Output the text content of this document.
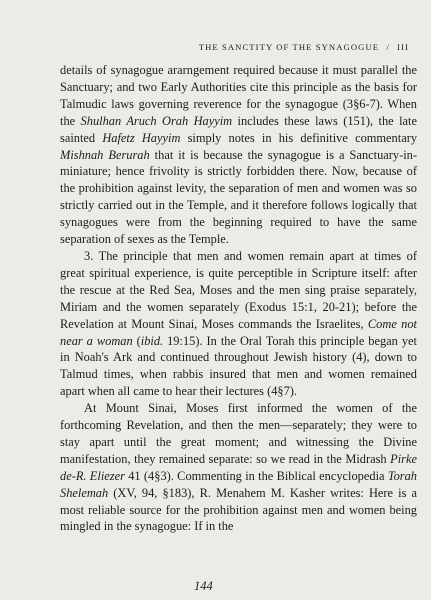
THE SANCTITY OF THE SYNAGOGUE / III

details of synagogue ararngement required because it must parallel the Sanctuary; and two Early Authorities cite this principle as the basis for Talmudic laws governing reverence for the synagogue (3§6-7). When the Shulhan Aruch Orah Hayyim includes these laws (151), the late sainted Hafetz Hayyim simply notes in his definitive commentary Mishnah Berurah that it is because the synagogue is a Sanctuary-in-miniature; hence frivolity is strictly forbidden there. Now, because of the prohibition against levity, the separation of men and women was so strictly carried out in the Temple, and it therefore follows logically that synagogues were from the beginning required to have the same separation of sexes as the Temple.

3. The principle that men and women remain apart at times of great spiritual experience, is quite perceptible in Scripture itself: after the rescue at the Red Sea, Moses and the men sing praise separately, Miriam and the women separately (Exodus 15:1, 20-21); before the Revelation at Mount Sinai, Moses commands the Israelites, Come not near a woman (ibid. 19:15). In the Oral Torah this principle began yet in Noah's Ark and continued throughout Jewish history (4), down to Talmud times, when rabbis insured that men and women remained apart when all came to hear their lectures (4§7).

At Mount Sinai, Moses first informed the women of the forthcoming Revelation, and then the men—separately; they were to stay apart until the great moment; and witnessing the Divine manifestation, they remained separate: so we read in the Midrash Pirke de-R. Eliezer 41 (4§3). Commenting in the Biblical encyclopedia Torah Shelemah (XV, 94, §183), R. Menahem M. Kasher writes: Here is a most reliable source for the prohibition against men and women being mingled in the synagogue: If in the

144
